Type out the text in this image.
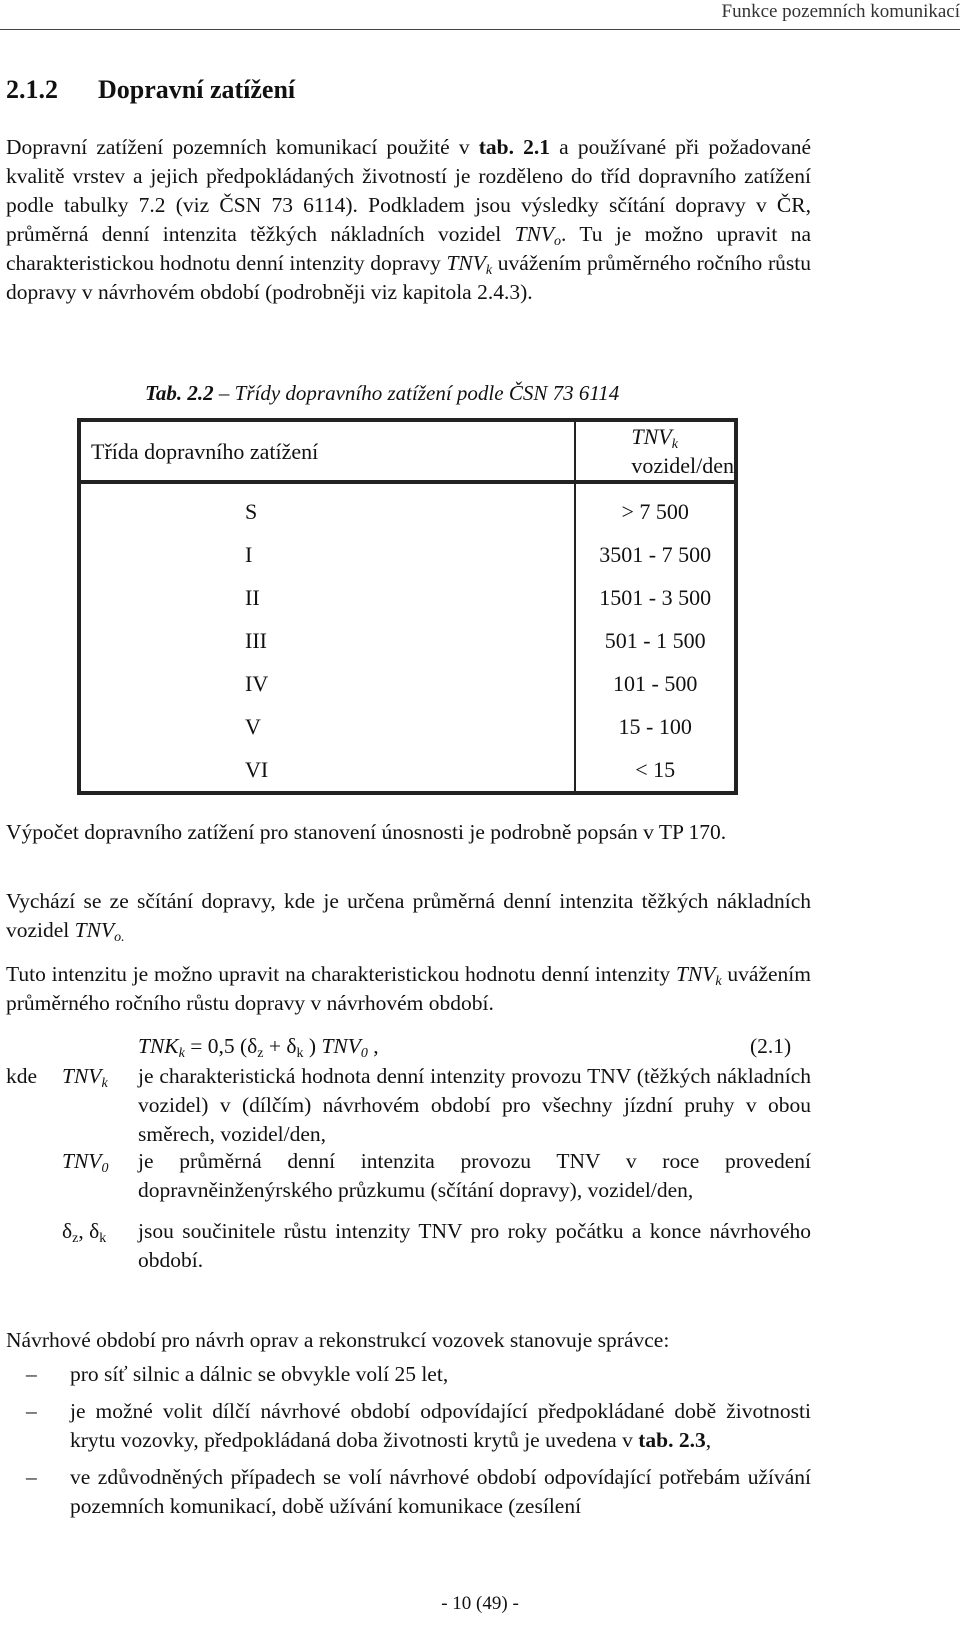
Funkce pozemních komunikací
2.1.2 Dopravní zatížení

Dopravní zatížení pozemních komunikací použité v tab. 2.1 a používané při požadované kvalitě vrstev a jejich předpokládaných životností je rozděleno do tříd dopravního zatížení podle tabulky 7.2 (viz ČSN 73 6114). Podkladem jsou výsledky sčítání dopravy v ČR, průměrná denní intenzita těžkých nákladních vozidel $TNV_o$. Tu je možno upravit na charakteristickou hodnotu denní intenzity dopravy $TNV_k$ uvážením průměrného ročního růstu dopravy v návrhovém období (podrobněji viz kapitola 2.4.3).

Tab. 2.2 – Třídy dopravního zatížení podle ČSN 73 6114
Třída dopravního zatížení	$TNV_k$ vozidel/den
S	> 7 500
I	3501 - 7 500
II	1501 - 3 500
III	501 - 1 500
IV	101 - 500
V	15 - 100
VI	< 15

Výpočet dopravního zatížení pro stanovení únosnosti je podrobně popsán v TP 170.

Vychází se ze sčítání dopravy, kde je určena průměrná denní intenzita těžkých nákladních vozidel $TNV_{o.}$

Tuto intenzitu je možno upravit na charakteristickou hodnotu denní intenzity $TNV_k$ uvážením průměrného ročního růstu dopravy v návrhovém období.

$TNK_k = 0,5$ ($\delta_z + \delta_k$ ) $TNV_0$ ,	(2.1)
kde $TNV_k$ je charakteristická hodnota denní intenzity provozu TNV (těžkých nákladních vozidel) v (dílčím) návrhovém období pro všechny jízdní pruhy v obou směrech, vozidel/den,
$TNV_0$ je průměrná denní intenzita provozu TNV v roce provedení dopravněinženýrského průzkumu (sčítání dopravy), vozidel/den,
$\delta_z$, $\delta_k$ jsou součinitele růstu intenzity TNV pro roky počátku a konce návrhového období.

Návrhové období pro návrh oprav a rekonstrukcí vozovek stanovuje správce:

– pro síť silnic a dálnic se obvykle volí 25 let,
– je možné volit dílčí návrhové období odpovídající předpokládané době životnosti krytu vozovky, předpokládaná doba životnosti krytů je uvedena v tab. 2.3,
– ve zdůvodněných případech se volí návrhové období odpovídající potřebám užívání pozemních komunikací, době užívání komunikace (zesílení
- 10 (49) -
